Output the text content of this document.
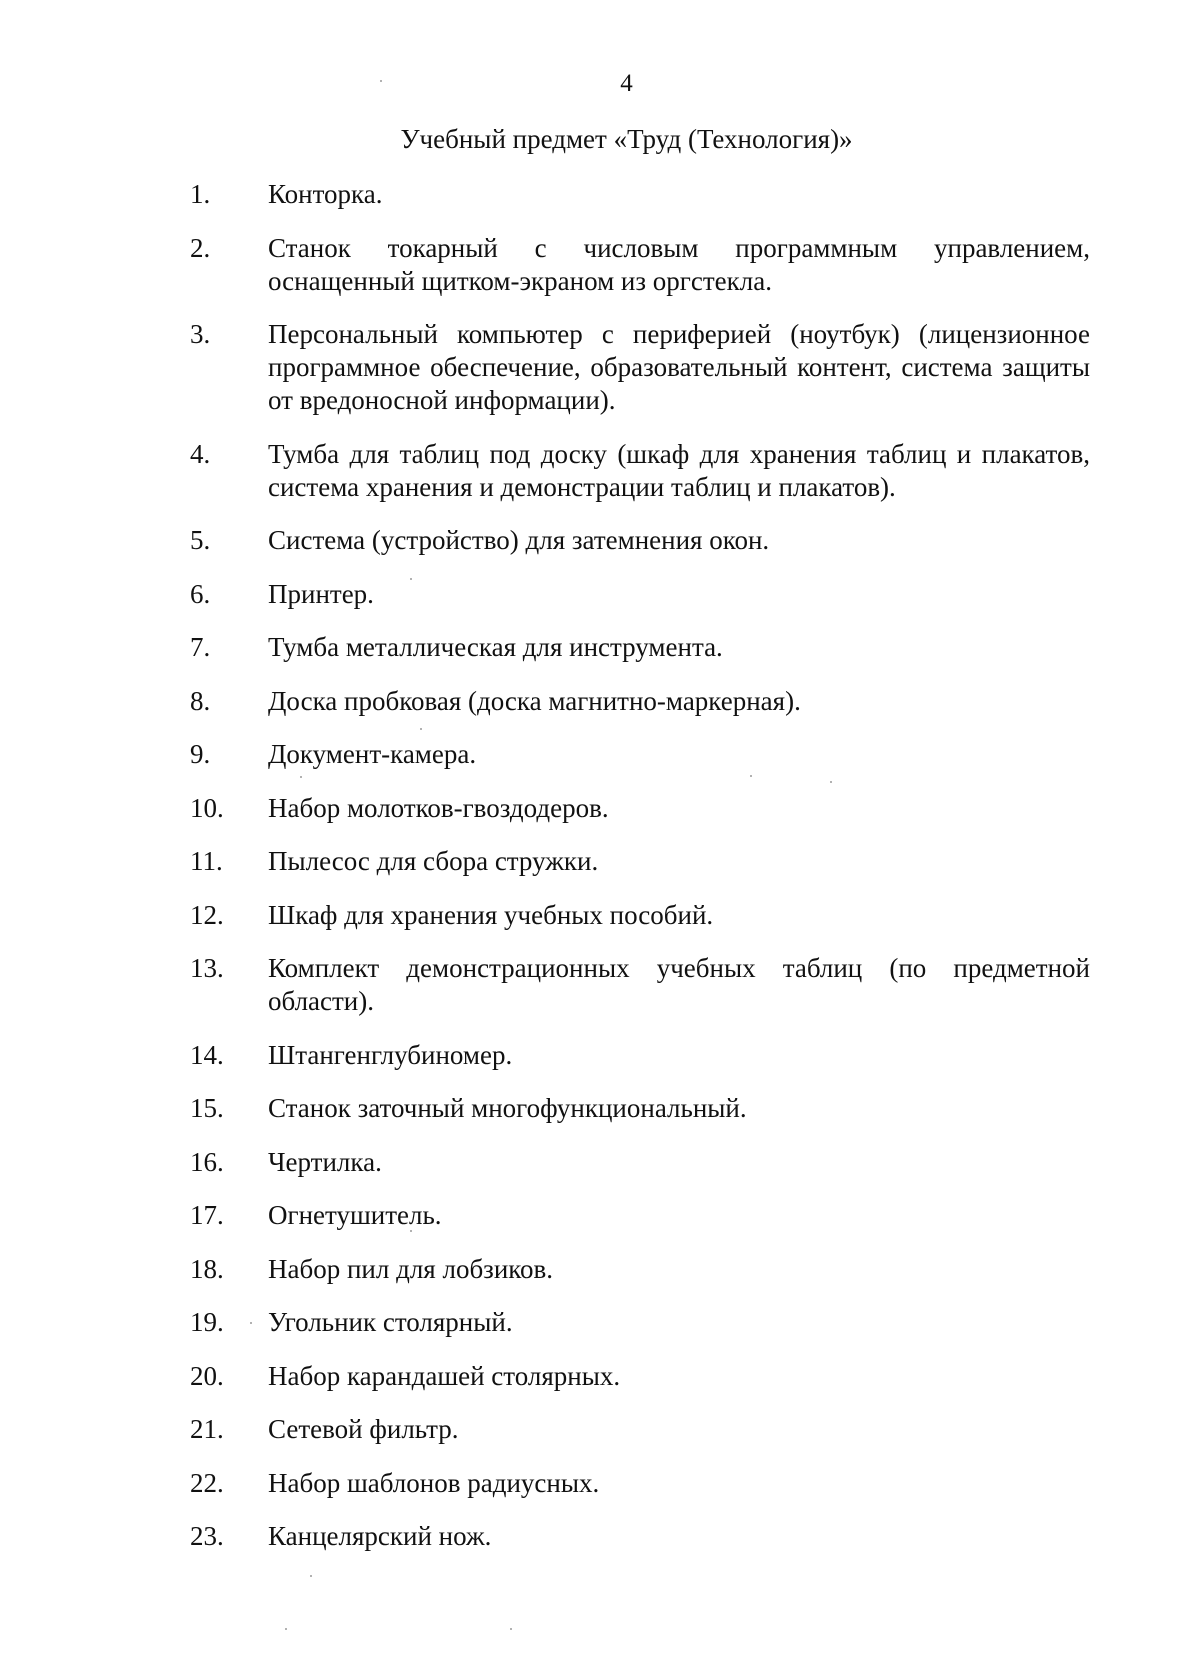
4
Учебный предмет «Труд (Технология)»
1.	Конторка.
2.	Станок токарный с числовым программным управлением, оснащенный щитком-экраном из оргстекла.
3.	Персональный компьютер с периферией (ноутбук) (лицензионное программное обеспечение, образовательный контент, система защиты от вредоносной информации).
4.	Тумба для таблиц под доску (шкаф для хранения таблиц и плакатов, система хранения и демонстрации таблиц и плакатов).
5.	Система (устройство) для затемнения окон.
6.	Принтер.
7.	Тумба металлическая для инструмента.
8.	Доска пробковая (доска магнитно-маркерная).
9.	Документ-камера.
10.	Набор молотков-гвоздодеров.
11.	Пылесос для сбора стружки.
12.	Шкаф для хранения учебных пособий.
13.	Комплект демонстрационных учебных таблиц (по предметной области).
14.	Штангенглубиномер.
15.	Станок заточный многофункциональный.
16.	Чертилка.
17.	Огнетушитель.
18.	Набор пил для лобзиков.
19.	Угольник столярный.
20.	Набор карандашей столярных.
21.	Сетевой фильтр.
22.	Набор шаблонов радиусных.
23.	Канцелярский нож.
